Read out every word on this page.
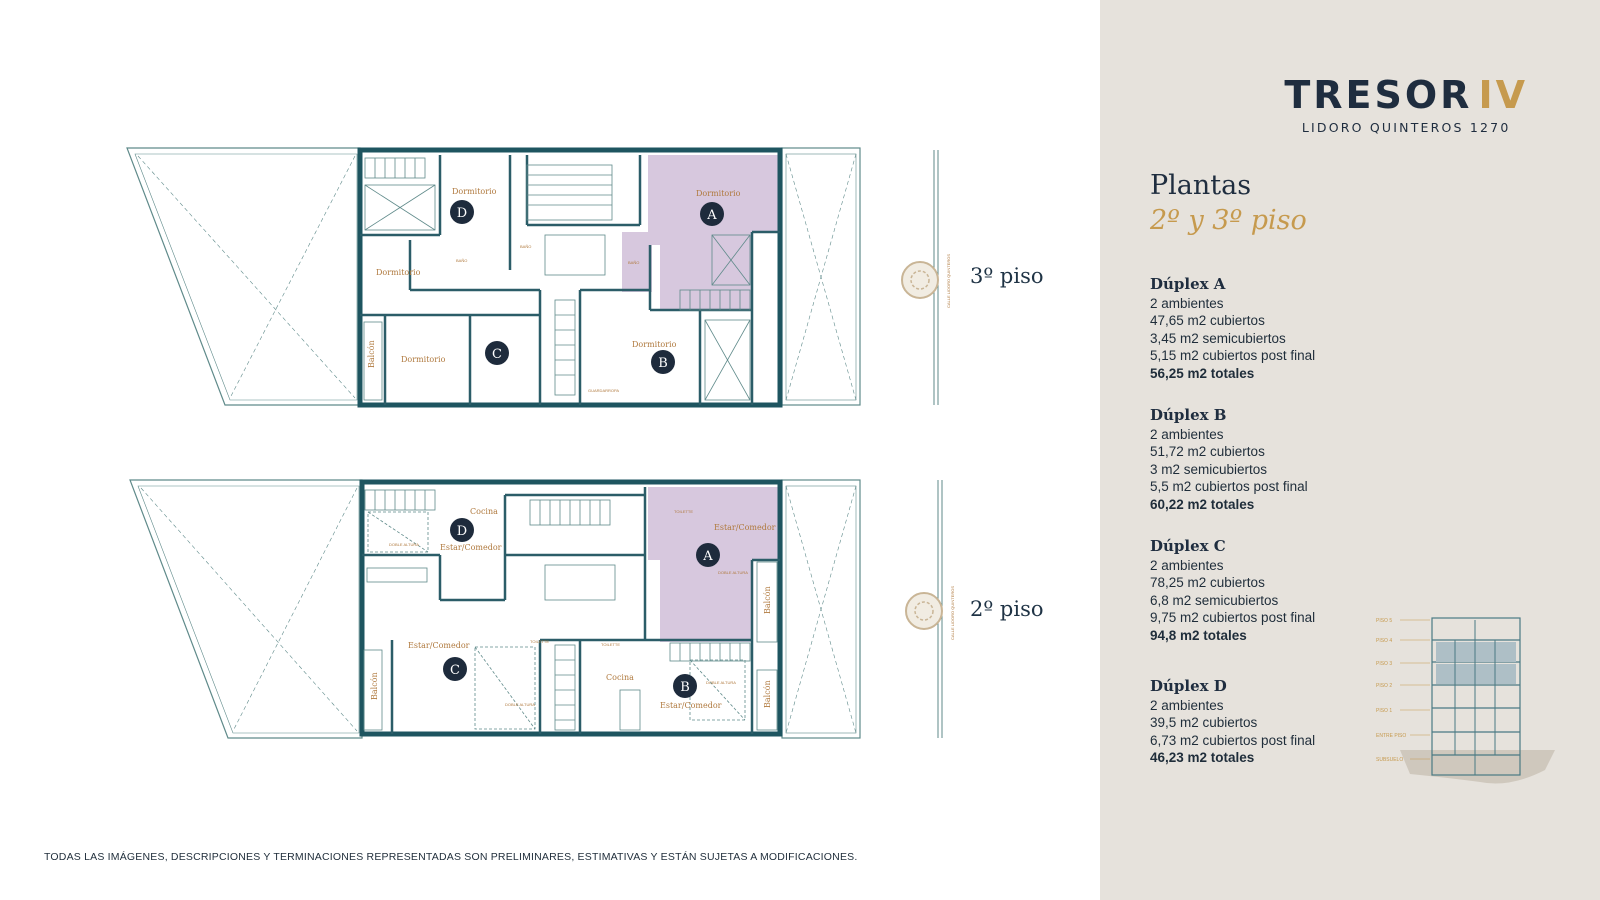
Dormitorio
Dormitorio
Dormitorio
Dormitorio
Dormitorio
Balcón
BAÑO
BAÑO
BAÑO
GUARDARROPA
D	A
C
B
Cocina
Estar/Comedor
Estar/Comedor
Estar/Comedor
Cocina
Estar/Comedor
Balcón
Balcón
Balcón
TOILETTE
TOILETTE
TOILETTE
DOBLE ALTURA
DOBLE ALTURA
DOBLE ALTURA
DOBLE ALTURA
D
A
C
B
CALLE LIDORO QUINTEROS
CALLE LIDORO QUINTEROS
3º piso
2º piso
TODAS LAS IMÁGENES, DESCRIPCIONES Y TERMINACIONES REPRESENTADAS SON PRELIMINARES, ESTIMATIVAS Y ESTÁN SUJETAS A MODIFICACIONES.
TRESOR IV
LIDORO QUINTEROS 1270
Plantas
2º y 3º piso
Dúplex A
2 ambientes
47,65 m2 cubiertos
3,45 m2 semicubiertos
5,15 m2 cubiertos post final
56,25 m2 totales
Dúplex B
2 ambientes
51,72 m2 cubiertos
3 m2 semicubiertos
5,5 m2 cubiertos post final
60,22 m2 totales
Dúplex C
2 ambientes
78,25 m2 cubiertos
6,8 m2 semicubiertos
9,75 m2 cubiertos post final
94,8 m2 totales
Dúplex D
2 ambientes
39,5 m2 cubiertos
6,73 m2 cubiertos post final
46,23 m2 totales
PISO 5
PISO 4
PISO 3
PISO 2
PISO 1
ENTRE PISO
SUBSUELO
